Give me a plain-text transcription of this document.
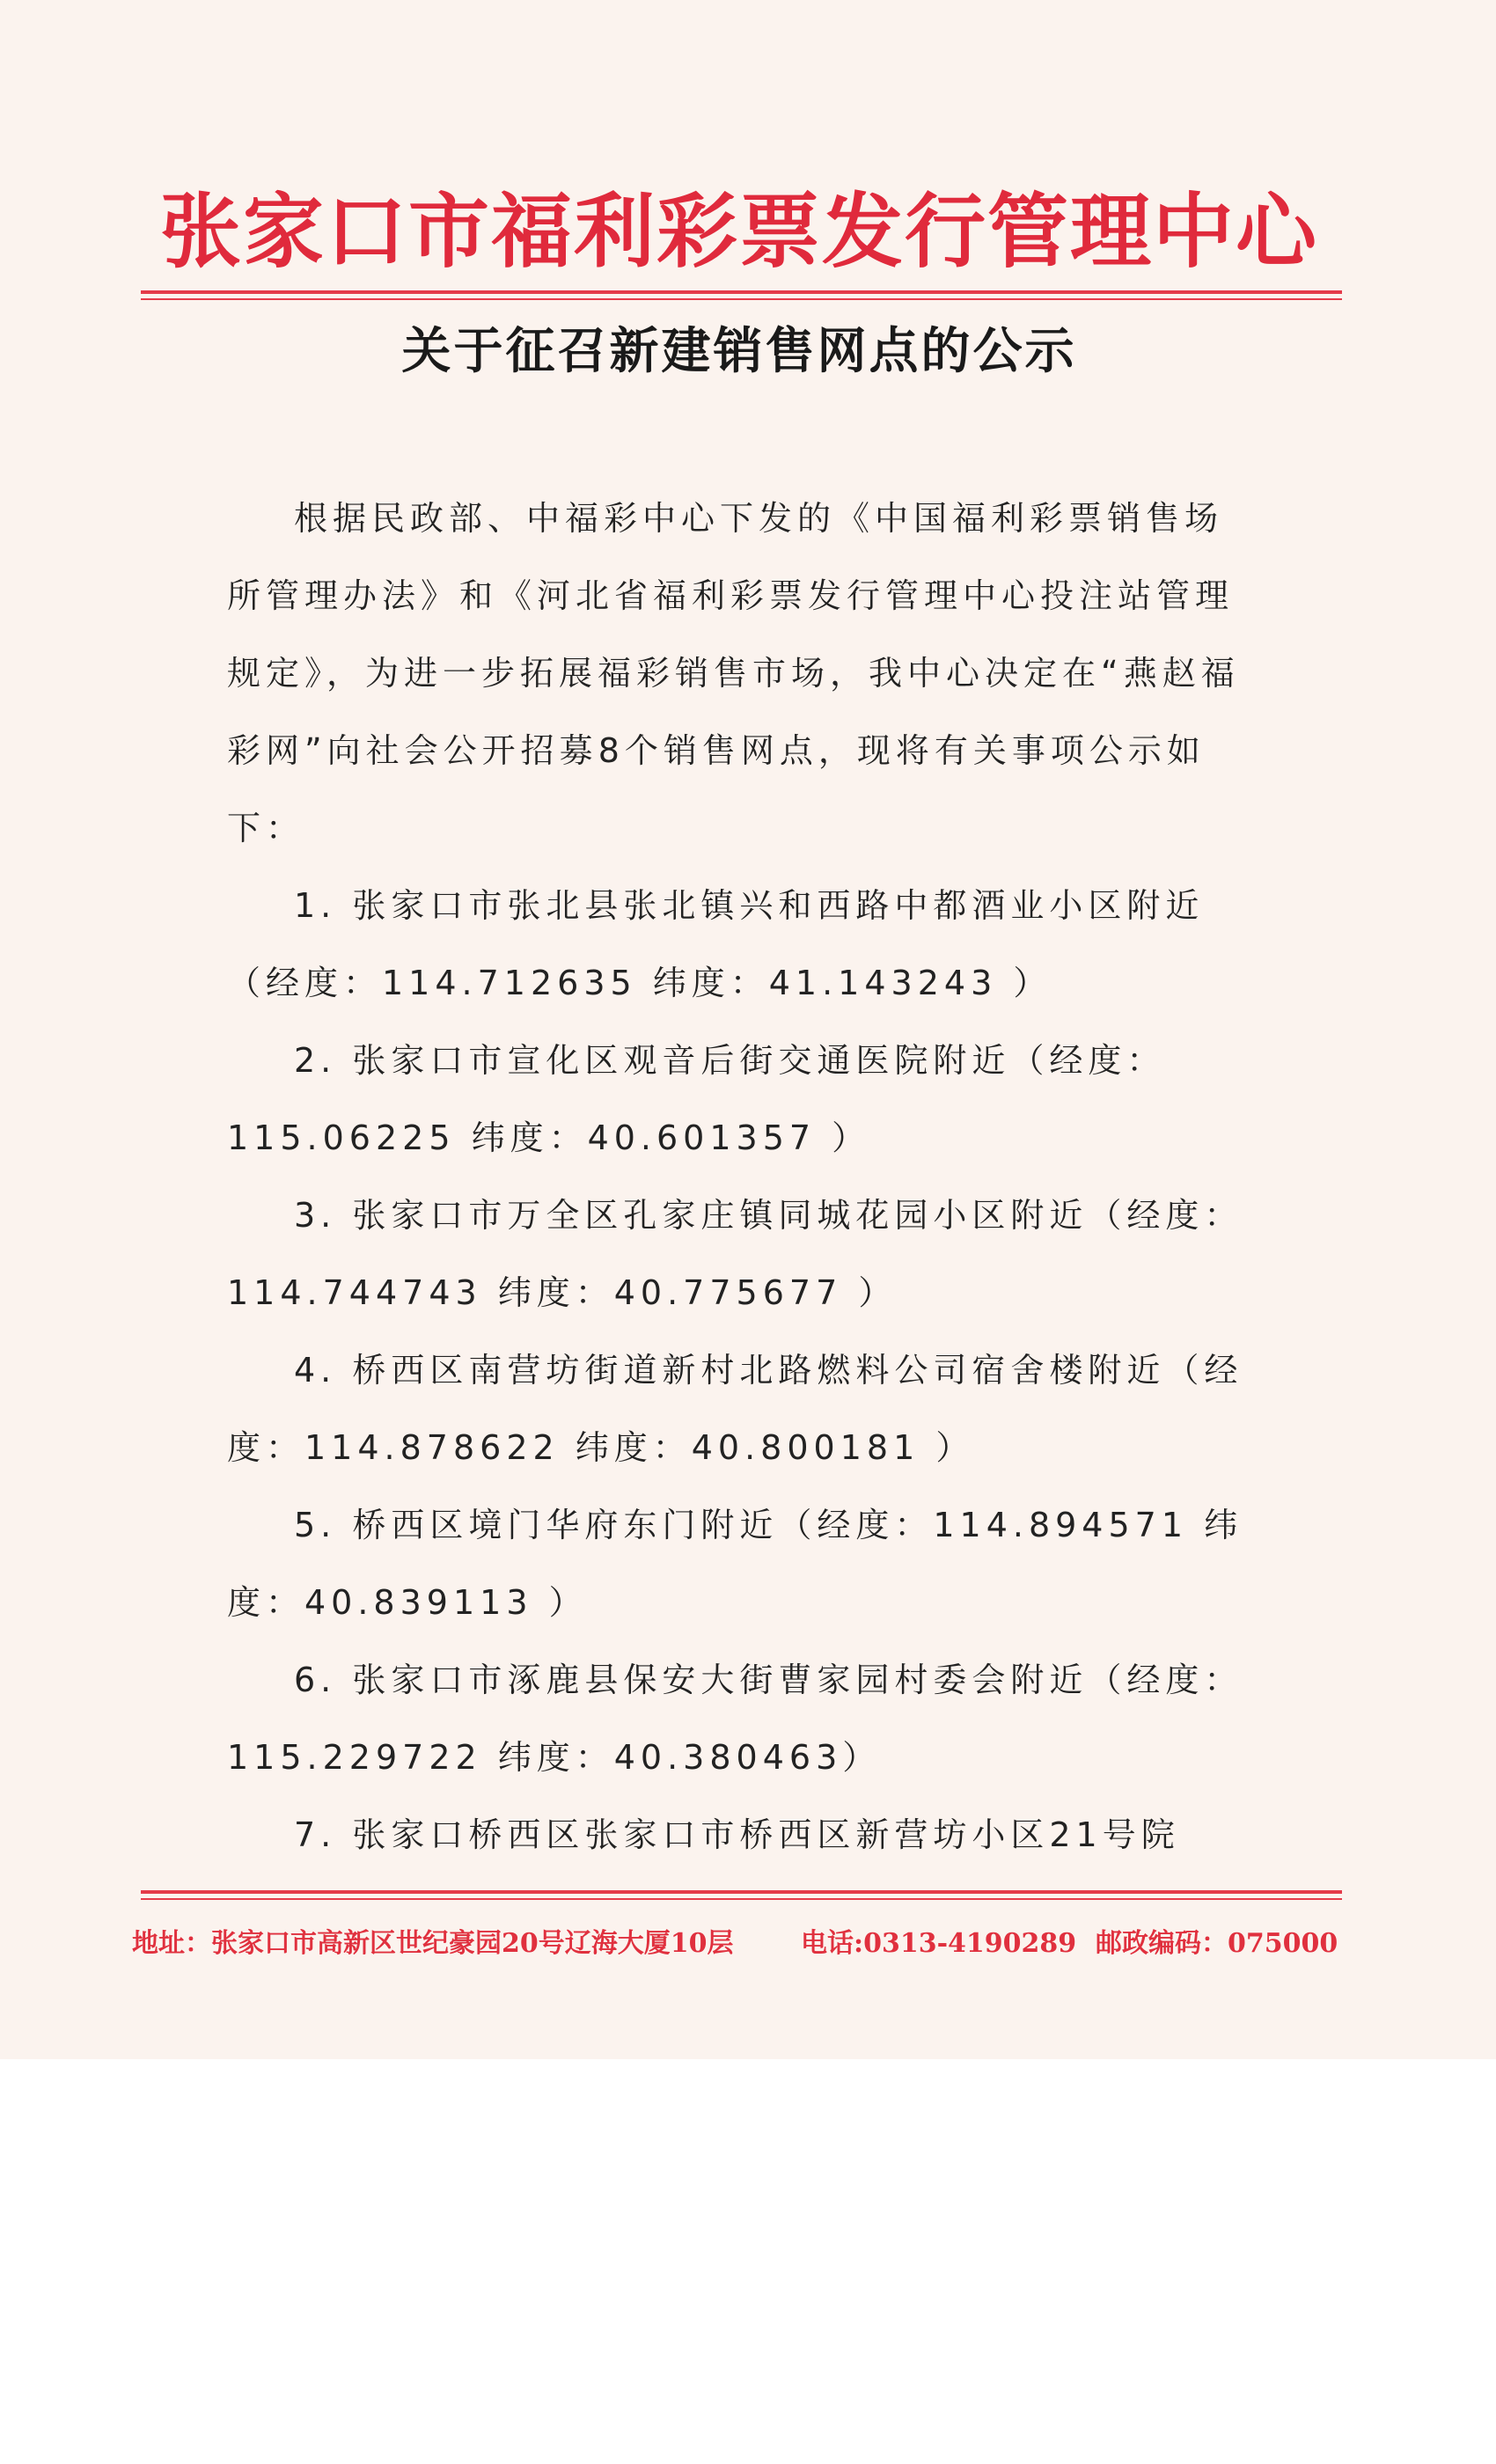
张家口市福利彩票发行管理中心
关于征召新建销售网点的公示

根据民政部、中福彩中心下发的《中国福利彩票销售场所管理办法》和《河北省福利彩票发行管理中心投注站管理规定》，为进一步拓展福彩销售市场，我中心决定在“燕赵福彩网”向社会公开招募8个销售网点，现将有关事项公示如下：

1. 张家口市张北县张北镇兴和西路中都酒业小区附近（经度：114.712635 纬度：41.143243 ）

2. 张家口市宣化区观音后街交通医院附近（经度：115.06225 纬度：40.601357 ）

3. 张家口市万全区孔家庄镇同城花园小区附近（经度：114.744743 纬度：40.775677 ）

4. 桥西区南营坊街道新村北路燃料公司宿舍楼附近（经度：114.878622 纬度：40.800181 ）

5. 桥西区境门华府东门附近（经度：114.894571 纬度：40.839113 ）

6. 张家口市涿鹿县保安大街曹家园村委会附近（经度：115.229722 纬度：40.380463）

7. 张家口桥西区张家口市桥西区新营坊小区21号院

地址：张家口市高新区世纪豪园20号辽海大厦10层	电话:0313-4190289 邮政编码：075000
